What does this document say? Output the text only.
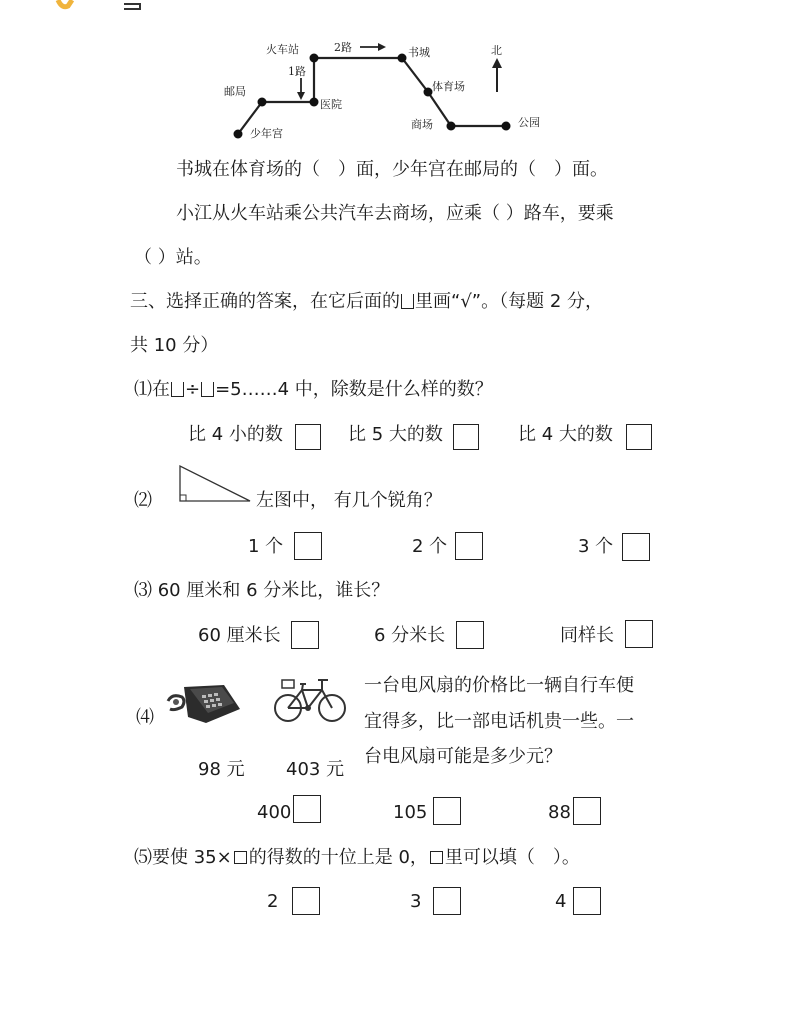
火车站	2路	书城	北
1路
邮局	体育场
医院
少年宫
商场	公园
书城在体育场的（　）面，少年宫在邮局的（　）面。
小江从火车站乘公共汽车去商场，应乘（ ）路车，要乘
（ ）站。
三、选择正确的答案，在它后面的 里画“√”。（每题 2 分，
共 10 分）
⑴在 ÷ =5……4 中，除数是什么样的数？
比 4 小的数	比 5 大的数	比 4 大的数
⑵	左图中， 有几个锐角？
1 个	2 个	3 个
⑶ 60 厘米和 6 分米比，谁长？
60 厘米长	6 分米长	同样长
⑷
98 元 403 元
一台电风扇的价格比一辆自行车便
宜得多，比一部电话机贵一些。一
台电风扇可能是多少元？
400	105	88
⑸要使 35× 的得数的十位上是 0， 里可以填（　）。
2	3	4
